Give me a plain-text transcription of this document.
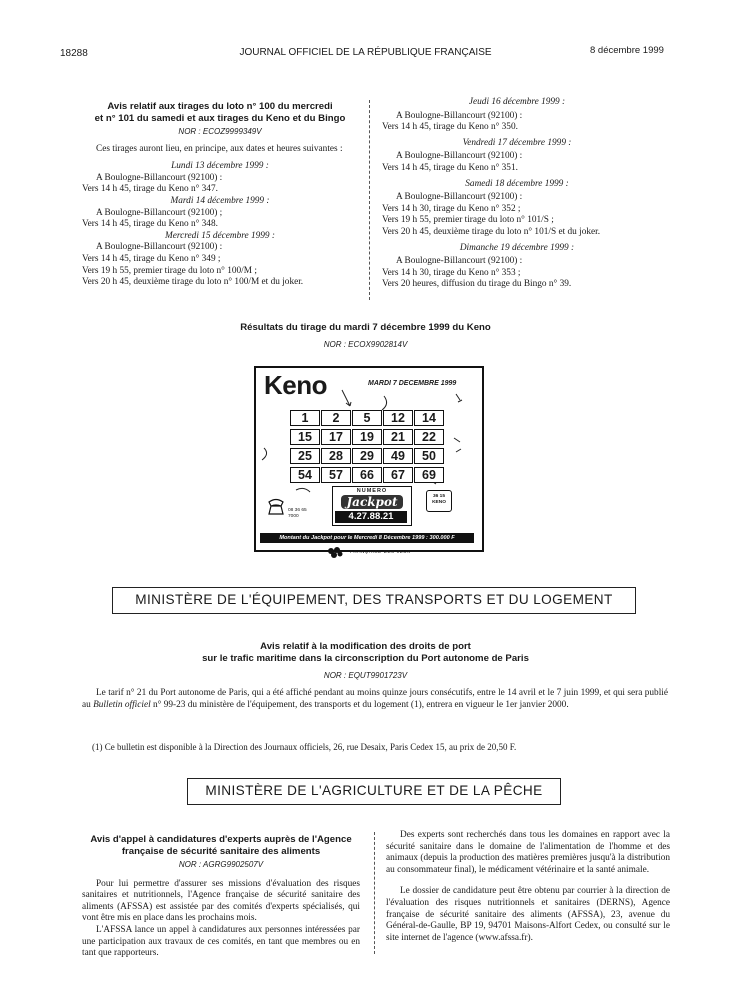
18288	JOURNAL OFFICIEL DE LA RÉPUBLIQUE FRANÇAISE	8 décembre 1999
Avis relatif aux tirages du loto n° 100 du mercredi
et n° 101 du samedi et aux tirages du Keno et du Bingo
NOR : ECOZ9999349V

Ces tirages auront lieu, en principe, aux dates et heures suivantes :

Lundi 13 décembre 1999 :

A Boulogne-Billancourt (92100) :

Vers 14 h 45, tirage du Keno n° 347.

Mardi 14 décembre 1999 :

A Boulogne-Billancourt (92100) ;

Vers 14 h 45, tirage du Keno n° 348.

Mercredi 15 décembre 1999 :

A Boulogne-Billancourt (92100) :

Vers 14 h 45, tirage du Keno n° 349 ;

Vers 19 h 55, premier tirage du loto n° 100/M ;

Vers 20 h 45, deuxième tirage du loto n° 100/M et du joker.

Jeudi 16 décembre 1999 :

A Boulogne-Billancourt (92100) :

Vers 14 h 45, tirage du Keno n° 350.

Vendredi 17 décembre 1999 :

A Boulogne-Billancourt (92100) :

Vers 14 h 45, tirage du Keno n° 351.

Samedi 18 décembre 1999 :

A Boulogne-Billancourt (92100) :

Vers 14 h 30, tirage du Keno n° 352 ;

Vers 19 h 55, premier tirage du loto n° 101/S ;

Vers 20 h 45, deuxième tirage du loto n° 101/S et du joker.

Dimanche 19 décembre 1999 :

A Boulogne-Billancourt (92100) :

Vers 14 h 30, tirage du Keno n° 353 ;

Vers 20 heures, diffusion du tirage du Bingo n° 39.

Résultats du tirage du mardi 7 décembre 1999 du Keno
NOR : ECOX9902814V
Keno	MARDI 7 DECEMBRE 1999
1	2	5	12	14
15	17	19	21	22
25	28	29	49	50
54	57	66	67	69
NUMERO
Jackpot
4.27.88.21
08 36 65 7000
36 15 KENO
Montant du Jackpot pour le Mercredi 8 Décembre 1999 : 300.000 F
FRANÇAISE DES JEUX
MINISTÈRE DE L'ÉQUIPEMENT, DES TRANSPORTS ET DU LOGEMENT
Avis relatif à la modification des droits de port
sur le trafic maritime dans la circonscription du Port autonome de Paris
NOR : EQUT9901723V

Le tarif n° 21 du Port autonome de Paris, qui a été affiché pendant au moins quinze jours consécutifs, entre le 14 avril et le 7 juin 1999, et qui sera publié au Bulletin officiel n° 99-23 du ministère de l'équipement, des transports et du logement (1), entrera en vigueur le 1er janvier 2000.

(1) Ce bulletin est disponible à la Direction des Journaux officiels, 26, rue Desaix, Paris Cedex 15, au prix de 20,50 F.
MINISTÈRE DE L'AGRICULTURE ET DE LA PÊCHE
Avis d'appel à candidatures d'experts auprès de l'Agence
française de sécurité sanitaire des aliments
NOR : AGRG9902507V

Pour lui permettre d'assurer ses missions d'évaluation des risques sanitaires et nutritionnels, l'Agence française de sécurité sanitaire des aliments (AFSSA) est assistée par des comités d'experts spécialisés, qui vont être mis en place dans les prochains mois.

L'AFSSA lance un appel à candidatures aux personnes intéressées par une participation aux travaux de ces comités, en tant que membres ou en tant que rapporteurs.

Des experts sont recherchés dans tous les domaines en rapport avec la sécurité sanitaire dans le domaine de l'alimentation de l'homme et des animaux (depuis la production des matières premières jusqu'à la distribution au consommateur final), le médicament vétérinaire et la santé animale.

Le dossier de candidature peut être obtenu par courrier à la direction de l'évaluation des risques nutritionnels et sanitaires (DERNS), Agence française de sécurité sanitaire des aliments (AFSSA), 23, avenue du Général-de-Gaulle, BP 19, 94701 Maisons-Alfort Cedex, ou consulté sur le site internet de l'agence (www.afssa.fr).
